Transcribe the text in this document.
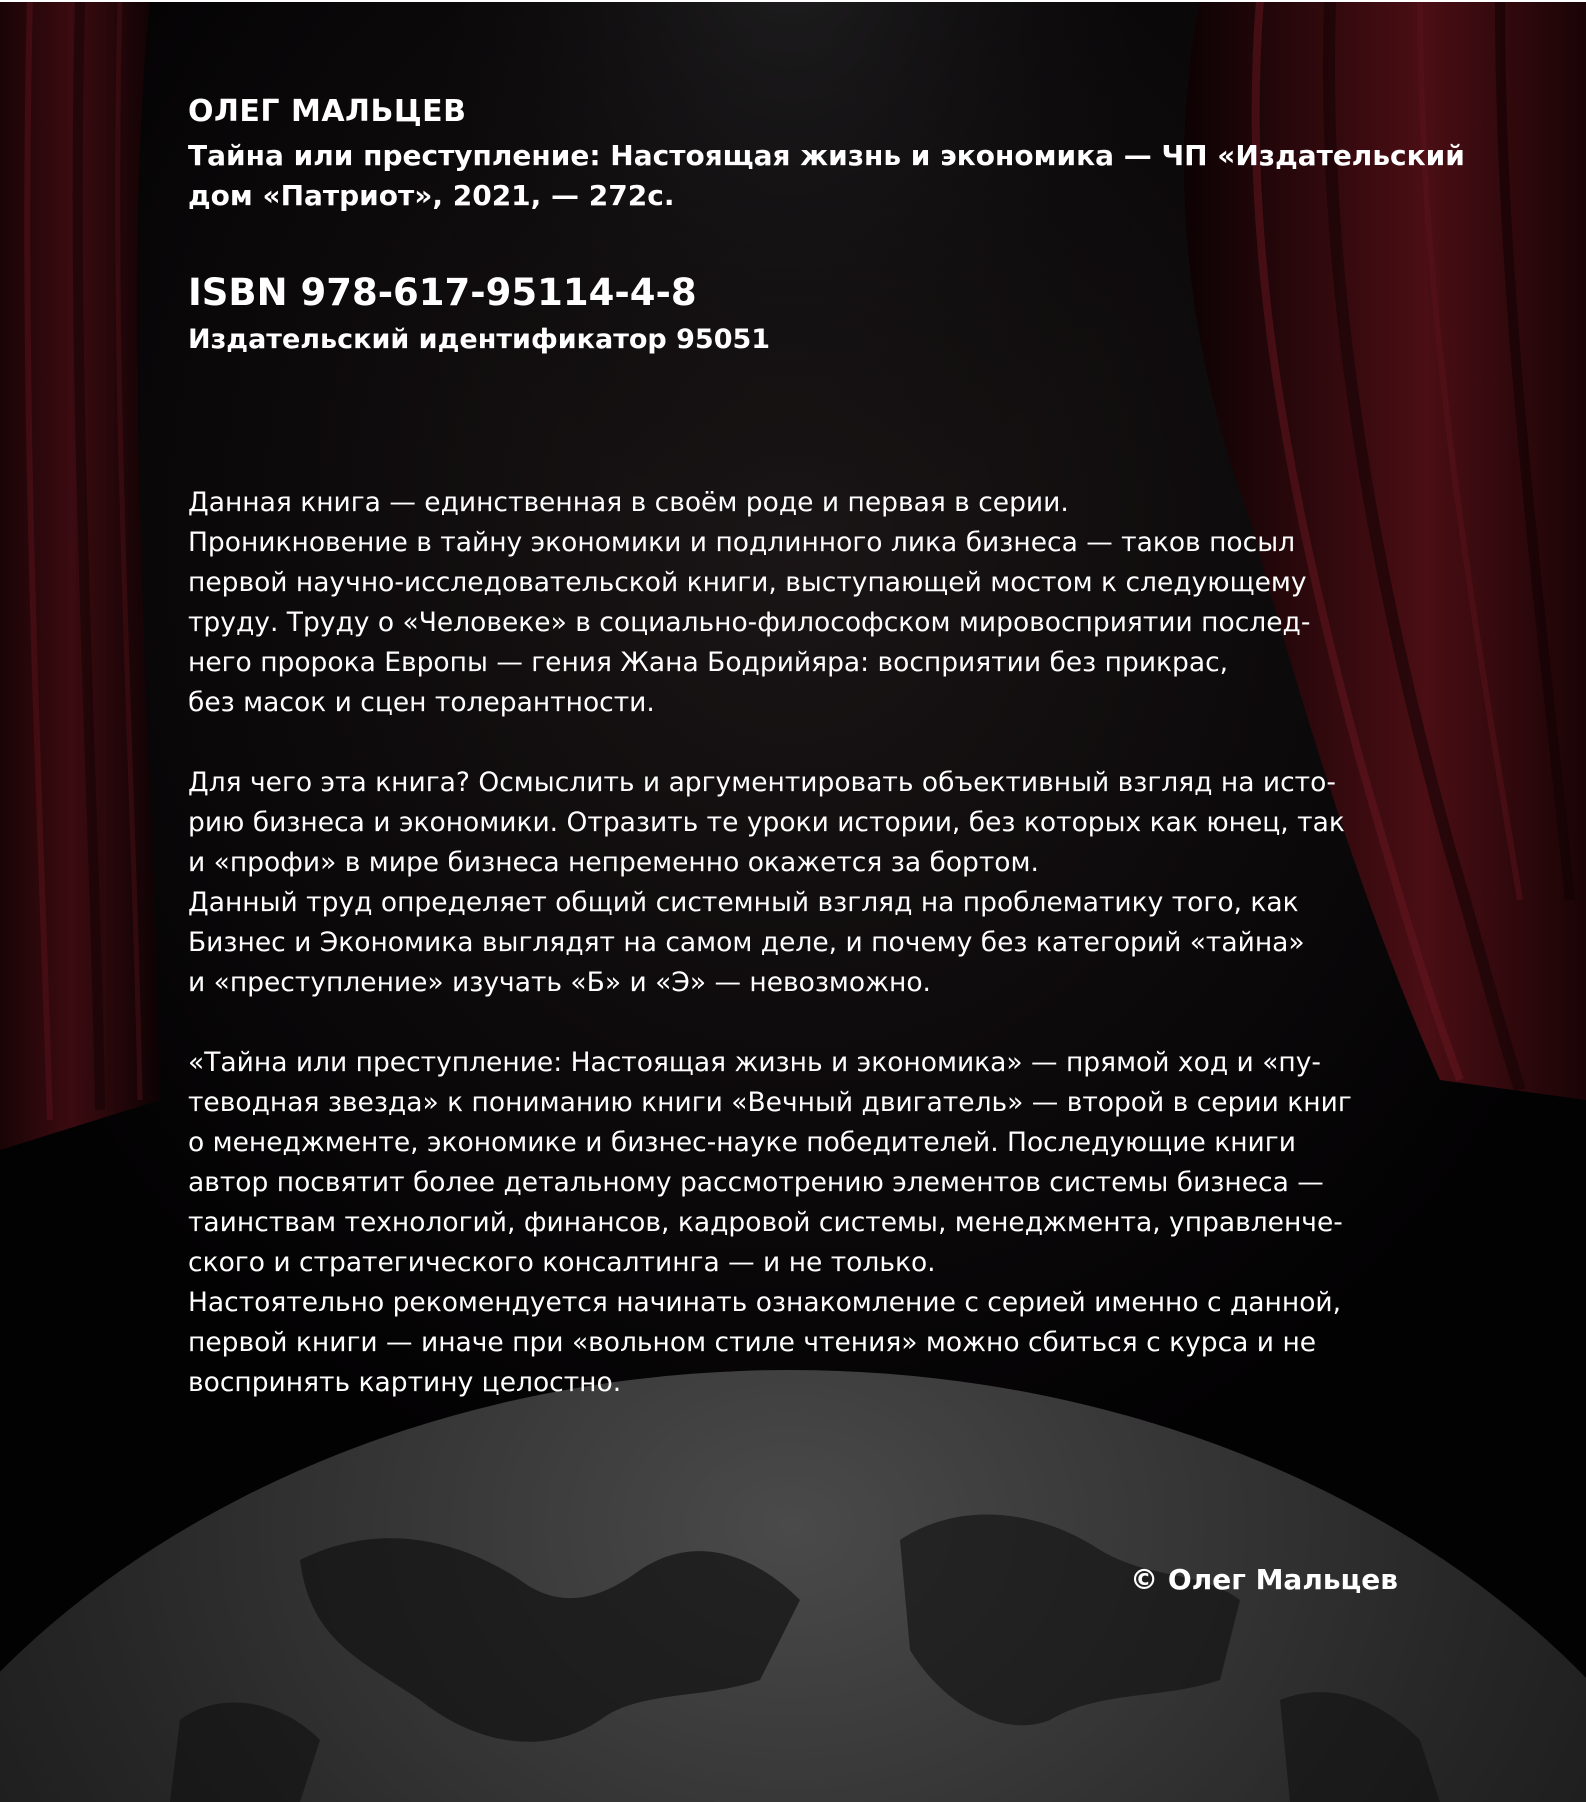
ОЛЕГ МАЛЬЦЕВ

Тайна или преступление: Настоящая жизнь и экономика — ЧП «Издательский
дом «Патриот», 2021, — 272с.

ISBN 978-617-95114-4-8

Издательский идентификатор 95051

Данная книга — единственная в своём роде и первая в серии.
Проникновение в тайну экономики и подлинного лика бизнеса — таков посыл
первой научно-исследовательской книги, выступающей мостом к следующему
труду. Труду о «Человеке» в социально-философском мировосприятии послед-
него пророка Европы — гения Жана Бодрийяра: восприятии без прикрас,
без масок и сцен толерантности.

Для чего эта книга? Осмыслить и аргументировать объективный взгляд на исто-
рию бизнеса и экономики. Отразить те уроки истории, без которых как юнец, так
и «профи» в мире бизнеса непременно окажется за бортом.
Данный труд определяет общий системный взгляд на проблематику того, как
Бизнес и Экономика выглядят на самом деле, и почему без категорий «тайна»
и «преступление» изучать «Б» и «Э» — невозможно.

«Тайна или преступление: Настоящая жизнь и экономика» — прямой ход и «пу-
теводная звезда» к пониманию книги «Вечный двигатель» — второй в серии книг
о менеджменте, экономике и бизнес-науке победителей. Последующие книги
автор посвятит более детальному рассмотрению элементов системы бизнеса —
таинствам технологий, финансов, кадровой системы, менеджмента, управленче-
ского и стратегического консалтинга — и не только.
Настоятельно рекомендуется начинать ознакомление с серией именно с данной,
первой книги — иначе при «вольном стиле чтения» можно сбиться с курса и не
воспринять картину целостно.

© Олег Мальцев
